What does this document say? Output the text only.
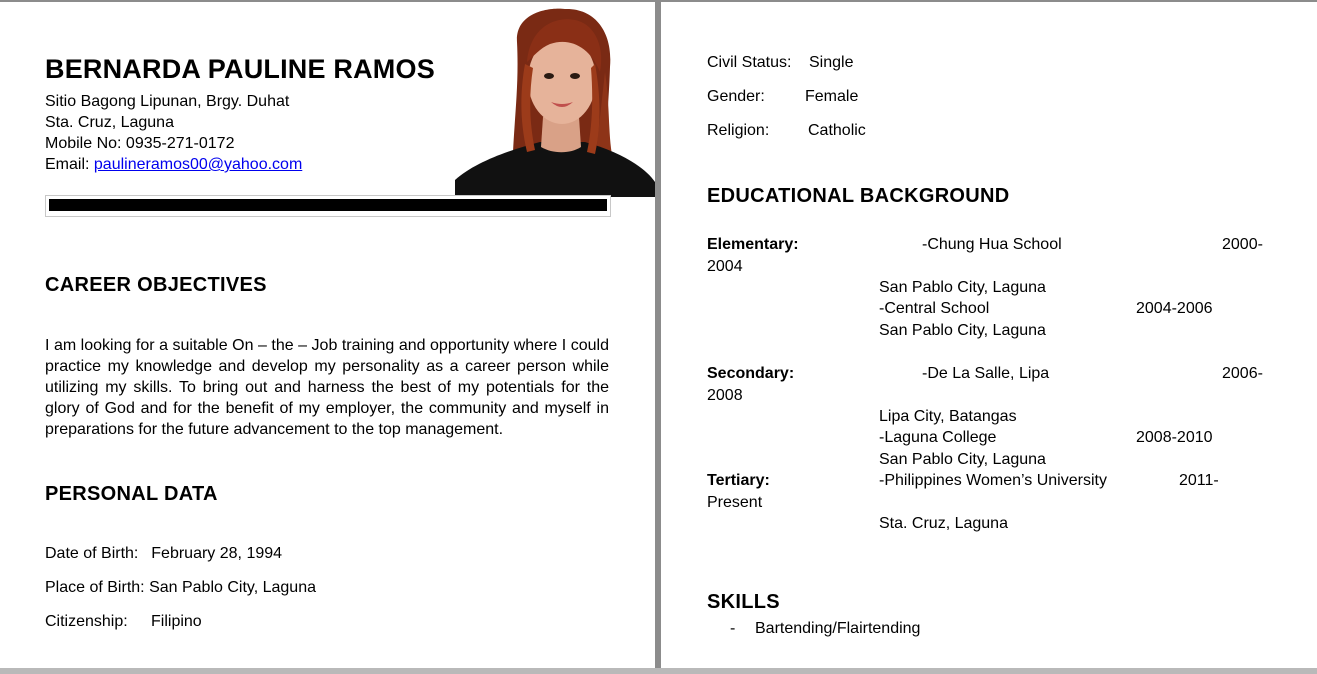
BERNARDA PAULINE RAMOS
Sitio Bagong Lipunan, Brgy. Duhat
Sta. Cruz, Laguna
Mobile No: 0935-271-0172
Email: paulineramos00@yahoo.com
CAREER OBJECTIVES
I am looking for a suitable On – the – Job training and opportunity where I could practice my knowledge and develop my personality as a career person while utilizing my skills. To bring out and harness the best of my potentials for the glory of God and for the benefit of my employer, the community and myself in preparations for the future advancement to the top management.
PERSONAL DATA
Date of Birth: February 28, 1994
Place of Birth: San Pablo City, Laguna
Citizenship: Filipino
Civil Status: Single
Gender:	Female
Religion: Catholic
EDUCATIONAL BACKGROUND
Elementary:	-Chung Hua School	2000-
2004
San Pablo City, Laguna
-Central School	2004-2006
San Pablo City, Laguna
Secondary:	-De La Salle, Lipa	2006-
2008
Lipa City, Batangas
-Laguna College	2008-2010
San Pablo City, Laguna
Tertiary:	-Philippines Women’s University	2011-
Present
Sta. Cruz, Laguna
SKILLS
- Bartending/Flairtending
